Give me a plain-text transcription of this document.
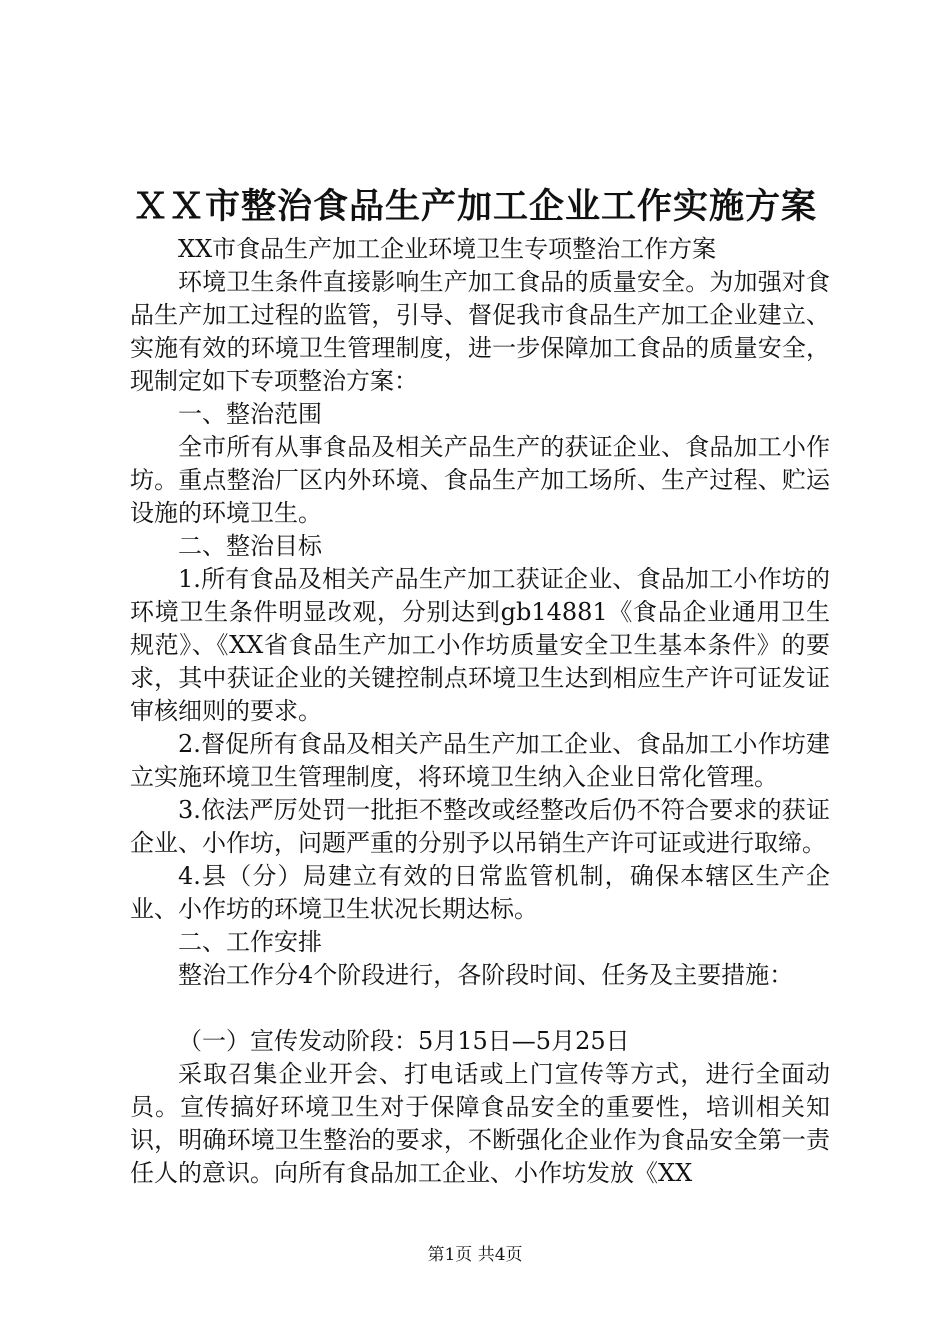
ＸＸ市整治食品生产加工企业工作实施方案

XX市食品生产加工企业环境卫生专项整治工作方案

环境卫生条件直接影响生产加工食品的质量安全。为加强对食品生产加工过程的监管，引导、督促我市食品生产加工企业建立、实施有效的环境卫生管理制度，进一步保障加工食品的质量安全，现制定如下专项整治方案：

一、整治范围

全市所有从事食品及相关产品生产的获证企业、食品加工小作坊。重点整治厂区内外环境、食品生产加工场所、生产过程、贮运设施的环境卫生。

二、整治目标

1.所有食品及相关产品生产加工获证企业、食品加工小作坊的环境卫生条件明显改观，分别达到gb14881《食品企业通用卫生规范》、《XX省食品生产加工小作坊质量安全卫生基本条件》的要求，其中获证企业的关键控制点环境卫生达到相应生产许可证发证审核细则的要求。

2.督促所有食品及相关产品生产加工企业、食品加工小作坊建立实施环境卫生管理制度，将环境卫生纳入企业日常化管理。

3.依法严厉处罚一批拒不整改或经整改后仍不符合要求的获证企业、小作坊，问题严重的分别予以吊销生产许可证或进行取缔。

4.县（分）局建立有效的日常监管机制，确保本辖区生产企业、小作坊的环境卫生状况长期达标。

二、工作安排

整治工作分4个阶段进行，各阶段时间、任务及主要措施：

（一）宣传发动阶段：5月15日—5月25日

采取召集企业开会、打电话或上门宣传等方式，进行全面动员。宣传搞好环境卫生对于保障食品安全的重要性，培训相关知识，明确环境卫生整治的要求，不断强化企业作为食品安全第一责任人的意识。向所有食品加工企业、小作坊发放《XX

第1页 共4页
